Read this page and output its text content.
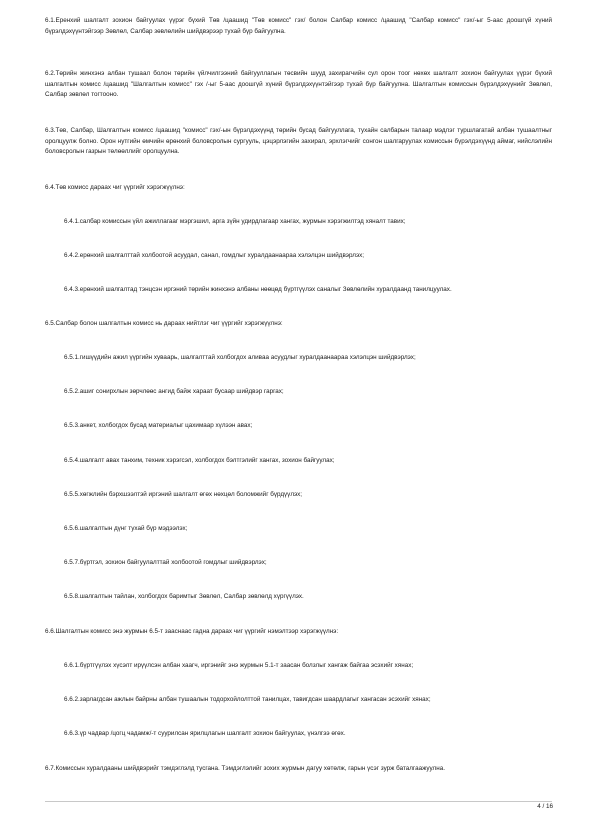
6.1.Еренхий шалгалт зохион байгуулах үүрэг бүхий Төв /цаашид "Төв комисс" гэх/ болон Салбар комисс /цаашид "Салбар комисс" гэх/-ыг 5-аас доошгүй хүний бүрэлдэхүүнтэйгээр Зөвлөл, Салбар зөвлөлийн шийдвэрээр тухай бүр байгуулна.
6.2.Төрийн жинхэнэ албан тушаал болон төрийн үйлчилгээний байгууллагын төсвийн шууд захирагчийн сул орон тоог нөхөх шалгалт зохион байгуулах үүрэг бүхий шалгалтын комисс /цаашид "Шалгалтын комисс" гэх /-ыг 5-аас доошгүй хүний бүрэлдэхүүнтэйгээр тухай бүр байгуулна. Шалгалтын комиссын бүрэлдэхүүнийг Зөвлөл, Салбар зөвлөл тогтооно.
6.3.Төв, Салбар, Шалгалтын комисс /цаашид "комисс" гэх/-ын бүрэлдэхүүнд төрийн бусад байгууллага, тухайн салбарын талаар мэдлэг туршлагатай албан тушаалтныг оролцуулж болно. Орон нутгийн өмчийн өрөнхий боловсролын сургууль, цэцэрлэгийн захирал, эрхлэгчийг сонгон шалгаруулах комиссын бүрэлдэхүүнд аймаг, нийслэлийн боловсролын газрын төлөөллийг оролцуулна.
6.4.Төв комисс дараах чиг үүргийг хэрэгжүүлнэ:
6.4.1.салбар комиссын үйл ажиллагааг мэргэшил, арга зүйн удирдлагаар хангах, журмын хэрэгжилтэд хяналт тавих;
6.4.2.ерөнхий шалгалттай холбоотой асуудал, санал, гомдлыг хуралдаанаараа хэлэлцэн шийдвэрлэх;
6.4.3.ерөнхий шалгалтад тэнцсэн иргэний төрийн жинхэнэ албаны нөөцөд бүртгүүлэх саналыг Зөвлөлийн хуралдаанд танилцуулах.
6.5.Салбар болон шалгалтын комисс нь дараах нийтлэг чиг үүргийг хэрэгжүүлнэ:
6.5.1.гишүүдийн ажил үүргийн хуваарь, шалгалттай холбогдох аливаа асуудлыг хуралдаанаараа хэлэлцэн шийдвэрлэх;
6.5.2.ашиг сонирхлын зөрчлөөс ангид байж хараат бусаар шийдвэр гаргах;
6.5.3.анкет, холбогдох бусад материалыг цахимаар хүлээн авах;
6.5.4.шалгалт авах танхим, техник хэрэгсэл, холбогдох бэлтгэлийг хангах, зохион байгуулах;
6.5.5.хөгжлийн бэрхшээлтэй иргэний шалгалт өгөх нөхцөл боломжийг бүрдүүлэх;
6.5.6.шалгалтын дүнг тухай бүр мэдээлэх;
6.5.7.бүртгэл, зохион байгуулалттай холбоотой гомдлыг шийдвэрлэх;
6.5.8.шалгалтын тайлан, холбогдох баримтыг Зөвлөл, Салбар зөвлөлд хүргүүлэх.
6.6.Шалгалтын комисс энэ журмын 6.5-т зааснаас гадна дараах чиг үүргийг нэмэлтээр хэрэгжүүлнэ:
6.6.1.бүртгүүлэх хүсэлт ирүүлсэн албан хаагч, иргэнийг энэ журмын 5.1-т заасан болзлыг хангаж байгаа эсэхийг хянах;
6.6.2.зарлагдсан ажлын байрны албан тушаалын тодорхойлолттой танилцах, тавигдсан шаардлагыг хангасан эсэхийг хянах;
6.6.3.үр чадвар /цогц чадамж/-т суурилсан ярилцлагын шалгалт зохион байгуулах, үнэлгээ өгөх.
6.7.Комиссын хуралдааны шийдвэрийг тэмдэглэлд тусгана. Тэмдэглэлийг зохих журмын дагуу хөтөлж, гарын үсэг зурж баталгаажуулна.
4 / 16
